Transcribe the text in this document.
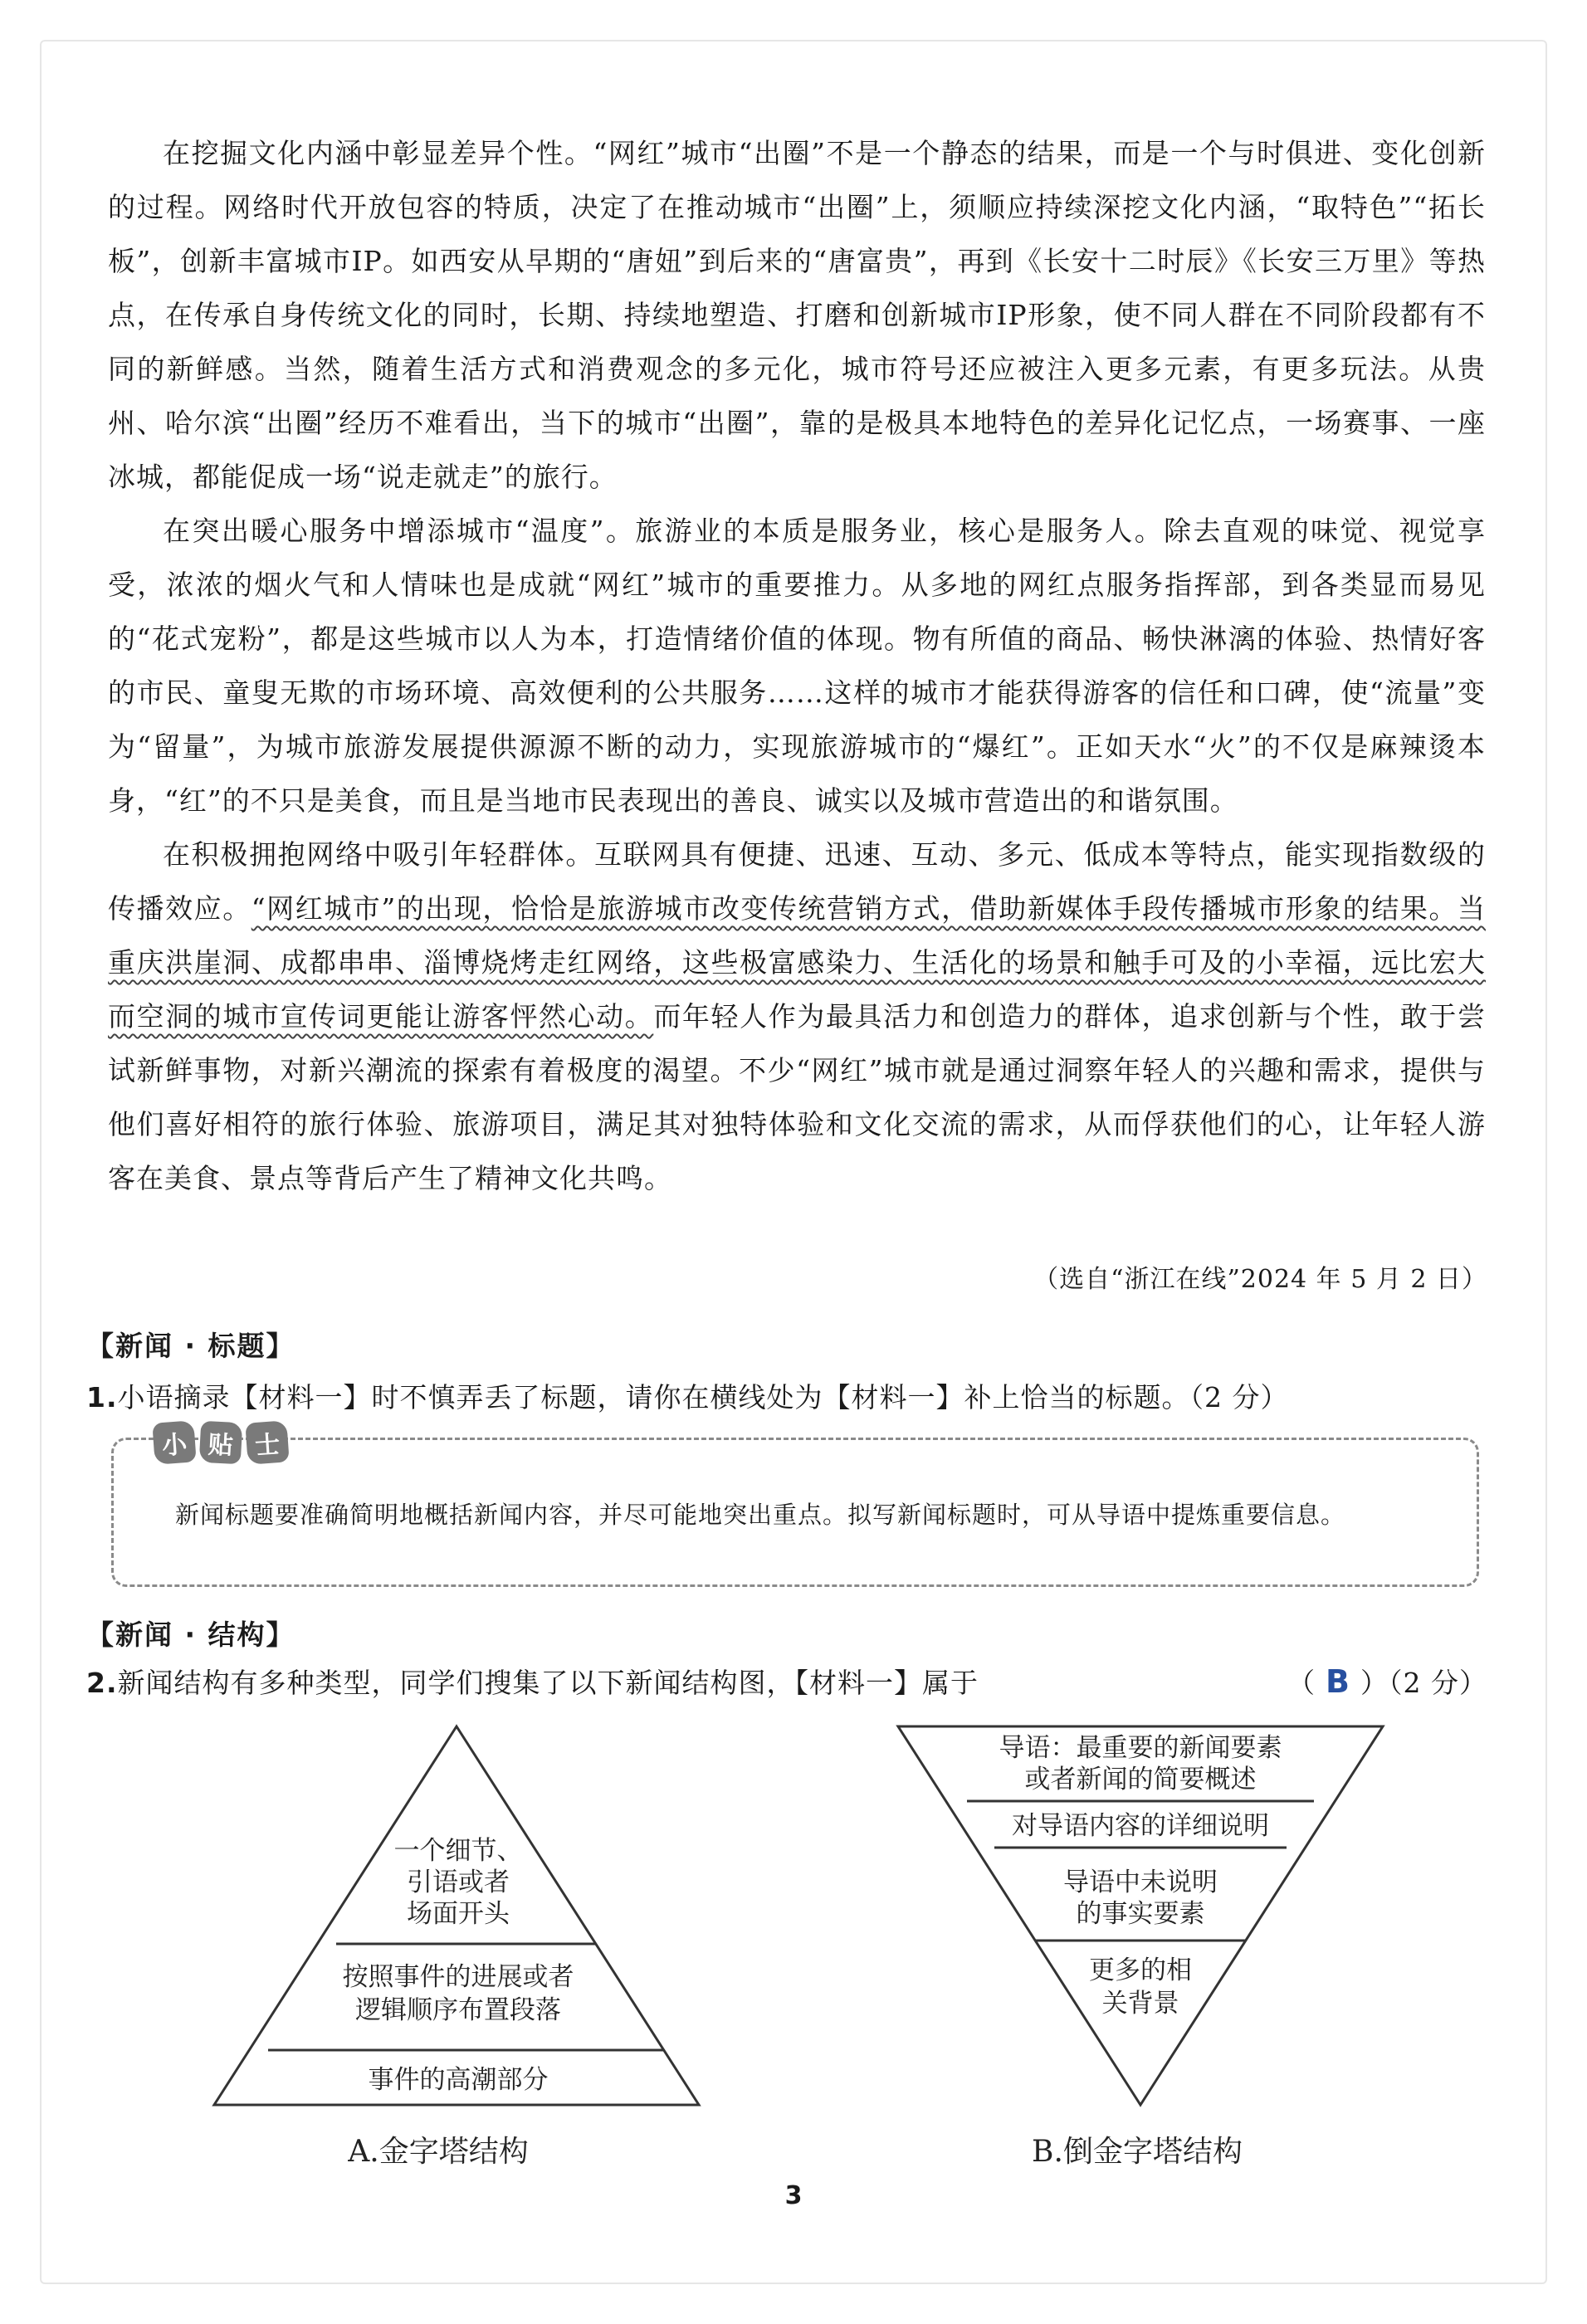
在挖掘文化内涵中彰显差异个性。“网红”城市“出圈”不是一个静态的结果，而是一个与时俱进、变化创新的过程。网络时代开放包容的特质，决定了在推动城市“出圈”上，须顺应持续深挖文化内涵，“取特色”“拓长板”，创新丰富城市IP。如西安从早期的“唐妞”到后来的“唐富贵”，再到《长安十二时辰》《长安三万里》等热点，在传承自身传统文化的同时，长期、持续地塑造、打磨和创新城市IP形象，使不同人群在不同阶段都有不同的新鲜感。当然，随着生活方式和消费观念的多元化，城市符号还应被注入更多元素，有更多玩法。从贵州、哈尔滨“出圈”经历不难看出，当下的城市“出圈”，靠的是极具本地特色的差异化记忆点，一场赛事、一座冰城，都能促成一场“说走就走”的旅行。

在突出暖心服务中增添城市“温度”。旅游业的本质是服务业，核心是服务人。除去直观的味觉、视觉享受，浓浓的烟火气和人情味也是成就“网红”城市的重要推力。从多地的网红点服务指挥部，到各类显而易见的“花式宠粉”，都是这些城市以人为本，打造情绪价值的体现。物有所值的商品、畅快淋漓的体验、热情好客的市民、童叟无欺的市场环境、高效便利的公共服务……这样的城市才能获得游客的信任和口碑，使“流量”变为“留量”，为城市旅游发展提供源源不断的动力，实现旅游城市的“爆红”。正如天水“火”的不仅是麻辣烫本身，“红”的不只是美食，而且是当地市民表现出的善良、诚实以及城市营造出的和谐氛围。

在积极拥抱网络中吸引年轻群体。互联网具有便捷、迅速、互动、多元、低成本等特点，能实现指数级的传播效应。“网红城市”的出现，恰恰是旅游城市改变传统营销方式，借助新媒体手段传播城市形象的结果。当重庆洪崖洞、成都串串、淄博烧烤走红网络，这些极富感染力、生活化的场景和触手可及的小幸福，远比宏大而空洞的城市宣传词更能让游客怦然心动。而年轻人作为最具活力和创造力的群体，追求创新与个性，敢于尝试新鲜事物，对新兴潮流的探索有着极度的渴望。不少“网红”城市就是通过洞察年轻人的兴趣和需求，提供与他们喜好相符的旅行体验、旅游项目，满足其对独特体验和文化交流的需求，从而俘获他们的心，让年轻人游客在美食、景点等背后产生了精神文化共鸣。

（选自“浙江在线”2024 年 5 月 2 日）
【新闻 · 标题】
1.小语摘录【材料一】时不慎弄丢了标题，请你在横线处为【材料一】补上恰当的标题。（2 分）
小 贴 士
新闻标题要准确简明地概括新闻内容，并尽可能地突出重点。拟写新闻标题时，可从导语中提炼重要信息。
【新闻 · 结构】
2.新闻结构有多种类型，同学们搜集了以下新闻结构图，【材料一】属于	（ B ）（2 分）
一个细节、
引语或者
场面开头
按照事件的进展或者
逻辑顺序布置段落
事件的高潮部分
A.金字塔结构
导语：最重要的新闻要素
或者新闻的简要概述
对导语内容的详细说明
导语中未说明
的事实要素
更多的相
关背景
B.倒金字塔结构
3
